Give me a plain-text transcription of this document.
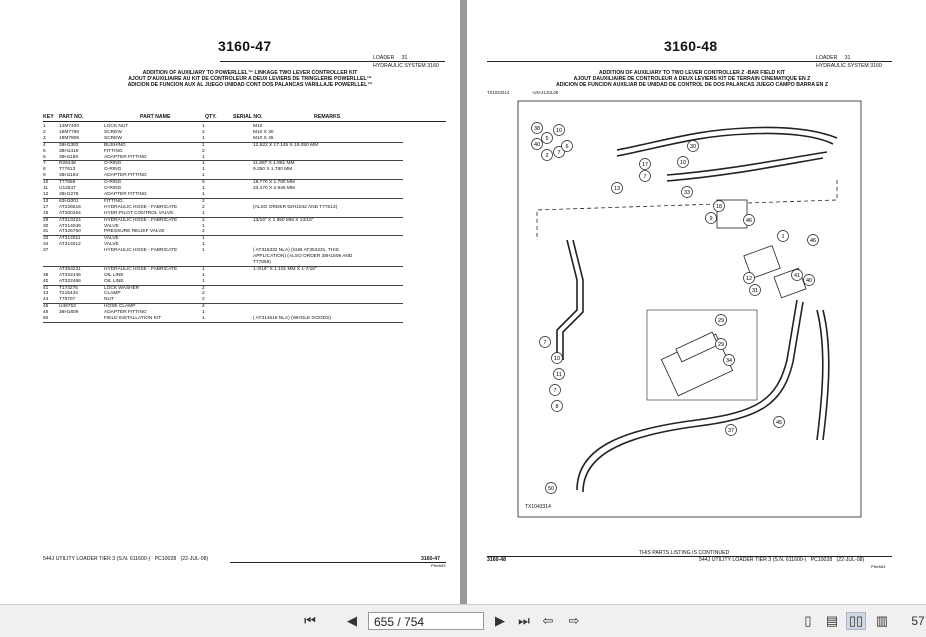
3160-47
LOADER 31
HYDRAULIC SYSTEM 3160
ADDITION OF AUXILIARY TO POWERLLEL™ LINKAGE TWO LEVER CONTROLLER KIT
AJOUT D'AUXILIAIRE AU KIT DE CONTROLEUR A DEUX LEVIERS DE TRINGLERIE POWERLLEL™
ADICION DE FUNCION AUX AL JUEGO UNIDAD CONT DOS PALANCAS VARILLAJE POWERLLEL™
KEY PART NO.	PART NAME	QTY.	SERIAL NO.	REMARKS
1	14M7400	LOCK NUT	1		M10
2	19M7786	SCREW	2		M10 X 30
3	19M7805	SCREW	1		M10 X 45
4	38H1383	BUSHING	1		12.522 X 17.145 X 19.050 MM
5	38H1418	FITTING	2		
6	38H1160	ADAPTER FITTING	1		
7	R26448	O-RING	1		11.887 X 1.981 MM
8	T77613	O-RING	1		9.250 X 1.780 MM
9	38H1163	ADAPTER FITTING	1		
10	T77858	O-RING	9		18.770 X 1.780 MM
11	U12547	O-RING	1		23.470 X 2.946 MM
12	38H1276	ADAPTER FITTING	1		
13	63H1001	FITTING	2		
17	AT226615	HYDRAULIC HOSE - FABRICATE	2		(ALSO ORDER 62H1042 AND T77613)
18	AT300154	HYDR.PILOT CONTROL VALVE	1		
29	AT313424	HYDRAULIC HOSE - FABRICATE	2		13/16" X 1 550 MM X 13/16"
30	AT314046	VALVE	1		
31	AT326760	PRESSURE RELIEF VALVE	2		
33	AT314011	VALVE	1		
34	AT314012	VALVE	1		
37		HYDRAULIC HOSE - FABRICATE	1		( AT316332 NLA) (SUB AT353231, THIS
					APPLICATION) (ALSO ORDER 38H1609 AND
					T77858)
	AT353231	HYDRAULIC HOSE - FABRICATE	1		1-3/16" X 1 101 MM X 1-7/16"
38	AT322446	OIL LINE	1		
40	AT322466	OIL LINE	1		
41	T174275	LOCK WASHER	2		
43	T215434	CLAMP	2		
44	T78707	NUT	2		
45	U46753	HOSE CLAMP	2		
46	38H1609	ADAPTER FITTING	1		
50		FIELD INSTALLATION KIT	1		( AT314616 NLA) (WHOLE GOODS)
544J UTILITY LOADER TIER 3 (S.N. 611600-) PC10028 (22-JUL-08)	3160-47
PNe683
3160-48
LOADER 31
HYDRAULIC SYSTEM 3160
ADDITION OF AUXILIARY TO TWO LEVER CONTROLLER Z -BAR FIELD KIT
AJOUT DAUXILIAIRE DE CONTROLEUR A DEUX LEVIERS KIT DE TERRAIN CINEMATIQUE EN Z
ADICION DE FUNCION AUXILIAR DE UNIDAD DE CONTROL DE DOS PALANCAS JUEGO CAMPO BARRA EN Z
TX1043314	-UN-21JUL08
38
40
5
2
10
7
6
13
7
17
30
10
33
9
18
46
1
46
40
12	41
31
29
29
34
7
10
11
7
8
45
37
50
TX1043314
THIS PARTS LISTING IS CONTINUED
3160-48	544J UTILITY LOADER TIER 3 (S.N. 611600-) PC10028 (22-JUL-08)
PNe684
⏮	◀	655 / 754	▶	⏭ ⇦	⇨	▯	▤ ▯▯ ▥	57
